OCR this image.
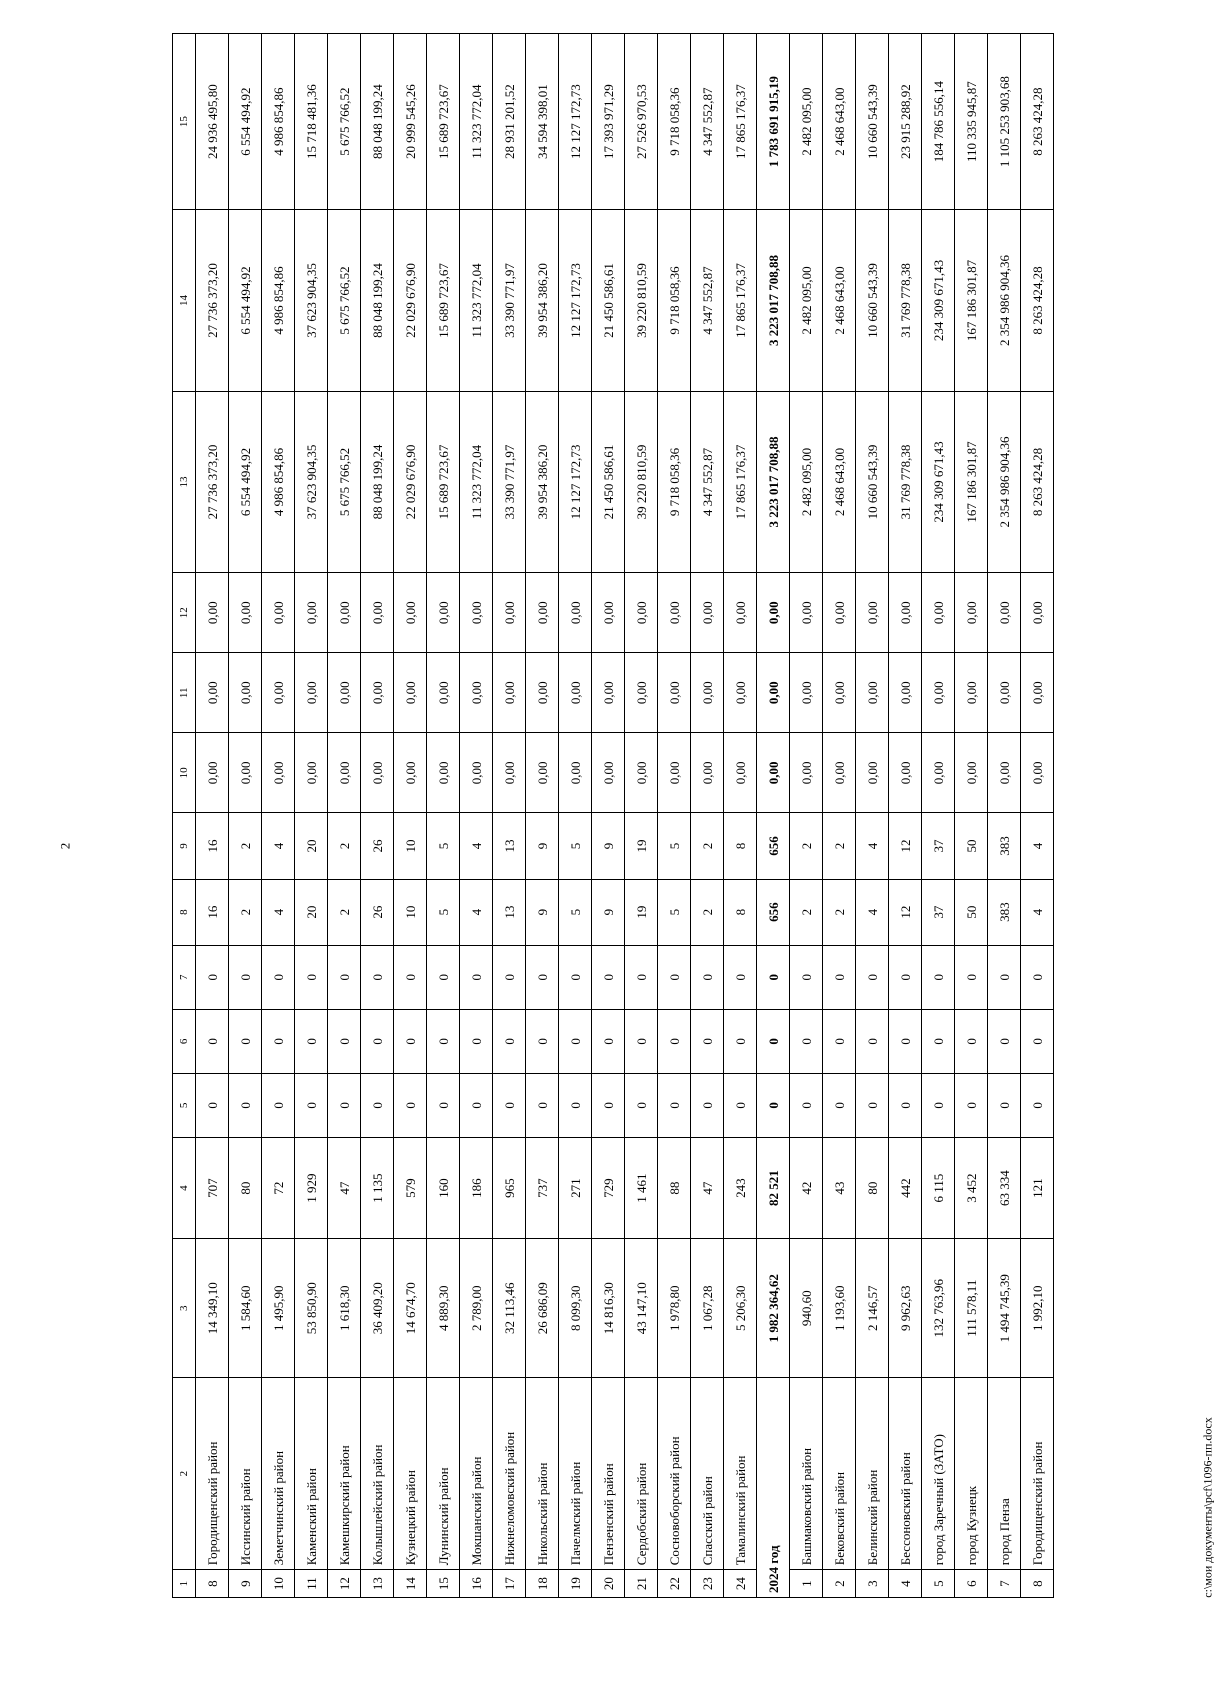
2
1	2	3	4	5	6	7	8	9	10	11	12	13	14	15
8	Городищенский район	14 349,10	707	0	0	0	16	16	0,00	0,00	0,00	27 736 373,20	27 736 373,20	24 936 495,80
9	Иссинский район	1 584,60	80	0	0	0	2	2	0,00	0,00	0,00	6 554 494,92	6 554 494,92	6 554 494,92
10	Земетчинский район	1 495,90	72	0	0	0	4	4	0,00	0,00	0,00	4 986 854,86	4 986 854,86	4 986 854,86
11	Каменский район	53 850,90	1 929	0	0	0	20	20	0,00	0,00	0,00	37 623 904,35	37 623 904,35	15 718 481,36
12	Камешкирский район	1 618,30	47	0	0	0	2	2	0,00	0,00	0,00	5 675 766,52	5 675 766,52	5 675 766,52
13	Колышлейский район	36 409,20	1 135	0	0	0	26	26	0,00	0,00	0,00	88 048 199,24	88 048 199,24	88 048 199,24
14	Кузнецкий район	14 674,70	579	0	0	0	10	10	0,00	0,00	0,00	22 029 676,90	22 029 676,90	20 999 545,26
15	Лунинский район	4 889,30	160	0	0	0	5	5	0,00	0,00	0,00	15 689 723,67	15 689 723,67	15 689 723,67
16	Мокшанский район	2 789,00	186	0	0	0	4	4	0,00	0,00	0,00	11 323 772,04	11 323 772,04	11 323 772,04
17	Нижнеломовский район	32 113,46	965	0	0	0	13	13	0,00	0,00	0,00	33 390 771,97	33 390 771,97	28 931 201,52
18	Никольский район	26 686,09	737	0	0	0	9	9	0,00	0,00	0,00	39 954 386,20	39 954 386,20	34 594 398,01
19	Пачелмский район	8 099,30	271	0	0	0	5	5	0,00	0,00	0,00	12 127 172,73	12 127 172,73	12 127 172,73
20	Пензенский район	14 816,30	729	0	0	0	9	9	0,00	0,00	0,00	21 450 586,61	21 450 586,61	17 393 971,29
21	Сердобский район	43 147,10	1 461	0	0	0	19	19	0,00	0,00	0,00	39 220 810,59	39 220 810,59	27 526 970,53
22	Сосновоборский район	1 978,80	88	0	0	0	5	5	0,00	0,00	0,00	9 718 058,36	9 718 058,36	9 718 058,36
23	Спасский район	1 067,28	47	0	0	0	2	2	0,00	0,00	0,00	4 347 552,87	4 347 552,87	4 347 552,87
24	Тамалинский район	5 206,30	243	0	0	0	8	8	0,00	0,00	0,00	17 865 176,37	17 865 176,37	17 865 176,37
2024 год		1 982 364,62	82 521	0	0	0	656	656	0,00	0,00	0,00	3 223 017 708,88	3 223 017 708,88	1 783 691 915,19
1	Башмаковский район	940,60	42	0	0	0	2	2	0,00	0,00	0,00	2 482 095,00	2 482 095,00	2 482 095,00
2	Бековский район	1 193,60	43	0	0	0	2	2	0,00	0,00	0,00	2 468 643,00	2 468 643,00	2 468 643,00
3	Белинский район	2 146,57	80	0	0	0	4	4	0,00	0,00	0,00	10 660 543,39	10 660 543,39	10 660 543,39
4	Бессоновский район	9 962,63	442	0	0	0	12	12	0,00	0,00	0,00	31 769 778,38	31 769 778,38	23 915 288,92
5	город Заречный (ЗАТО)	132 763,96	6 115	0	0	0	37	37	0,00	0,00	0,00	234 309 671,43	234 309 671,43	184 786 556,14
6	город Кузнецк	111 578,11	3 452	0	0	0	50	50	0,00	0,00	0,00	167 186 301,87	167 186 301,87	110 335 945,87
7	город Пенза	1 494 745,39	63 334	0	0	0	383	383	0,00	0,00	0,00	2 354 986 904,36	2 354 986 904,36	1 105 253 903,68
8	Городищенский район	1 992,10	121	0	0	0	4	4	0,00	0,00	0,00	8 263 424,28	8 263 424,28	8 263 424,28
c:\мои документы\pcf\1096-пп.docx
